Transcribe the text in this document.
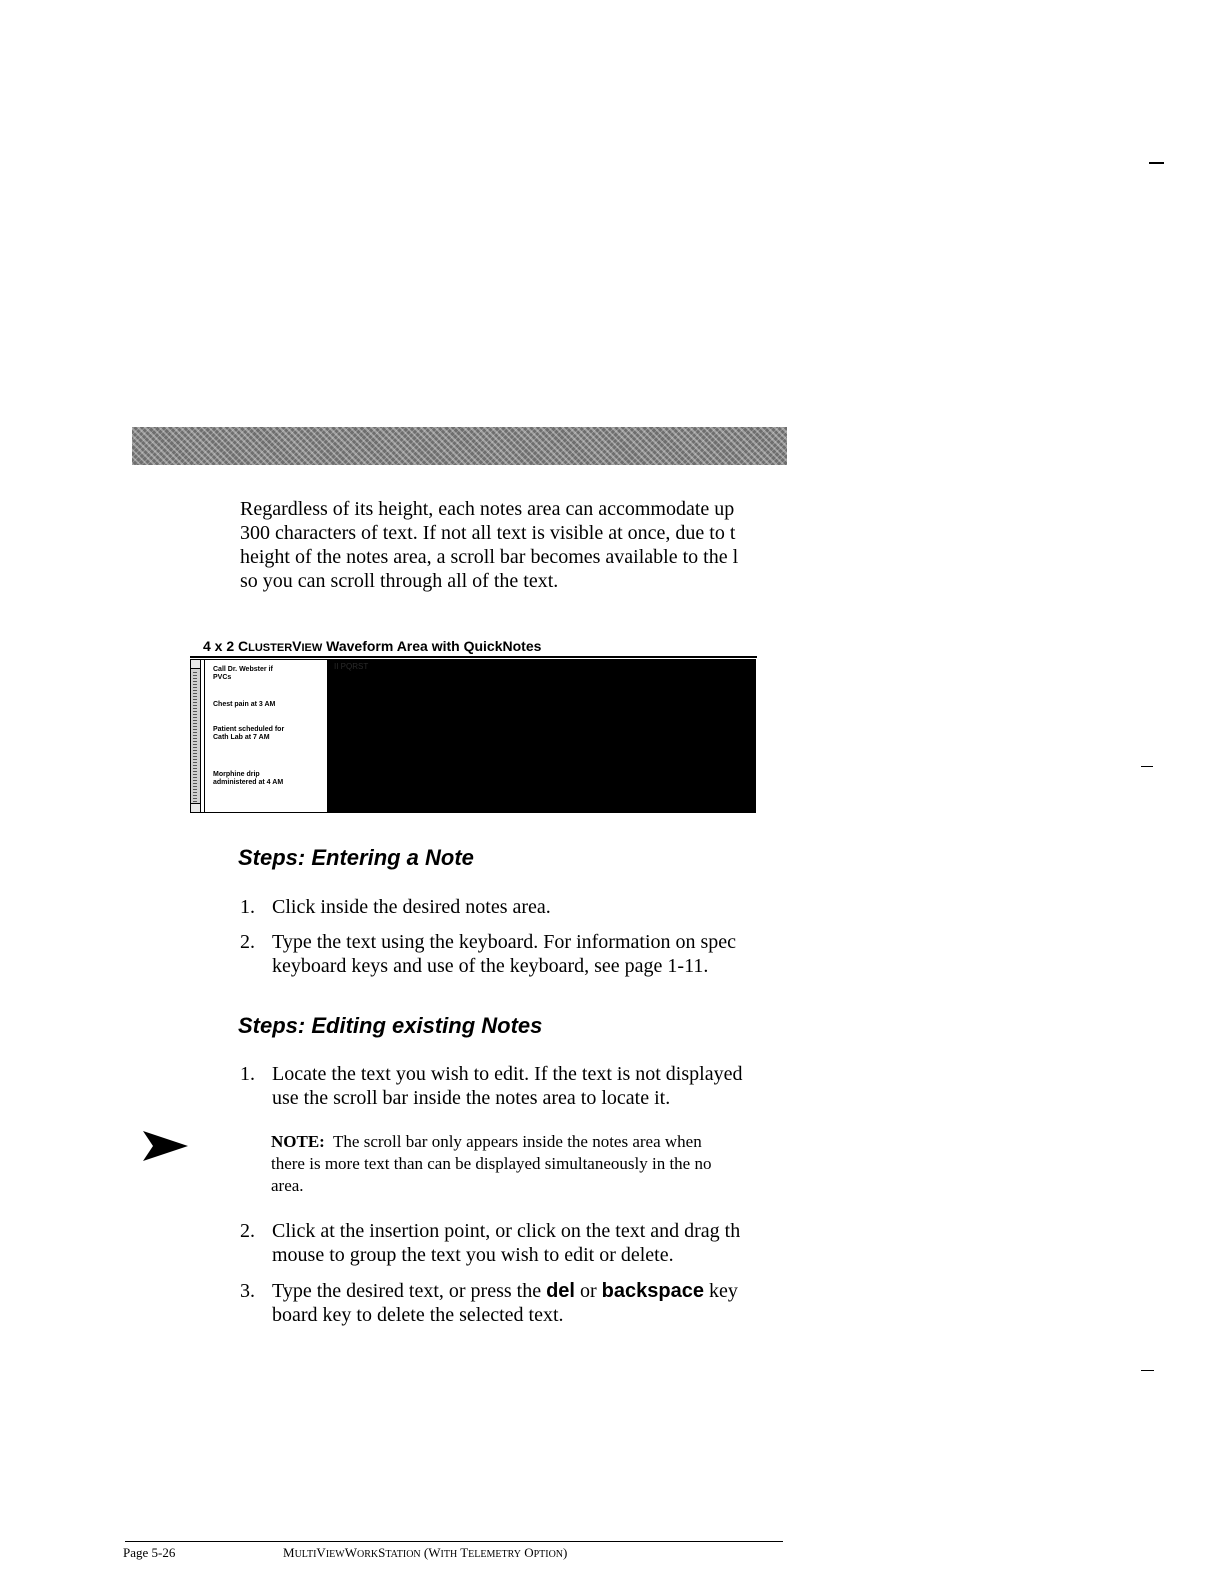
Regardless of its height, each notes area can accommodate up
300 characters of text. If not all text is visible at once, due to t
height of the notes area, a scroll bar becomes available to the l
so you can scroll through all of the text.
4 x 2 CLUSTERVIEW Waveform Area with QuickNotes
Call Dr. Webster if
PVCs
Chest pain at 3 AM
Patient scheduled for
Cath Lab at 7 AM
Morphine drip
administered at 4 AM
II PQRST
Steps: Entering a Note
1. Click inside the desired notes area.
2. Type the text using the keyboard. For information on spec
keyboard keys and use of the keyboard, see page 1-11.
Steps: Editing existing Notes
1. Locate the text you wish to edit. If the text is not displayed
use the scroll bar inside the notes area to locate it.
NOTE: The scroll bar only appears inside the notes area when
there is more text than can be displayed simultaneously in the no
area.
2. Click at the insertion point, or click on the text and drag th
mouse to group the text you wish to edit or delete.
3. Type the desired text, or press the del or backspace key
board key to delete the selected text.
Page 5-26	MULTIVIEWWORKSTATION (WITH TELEMETRY OPTION)
